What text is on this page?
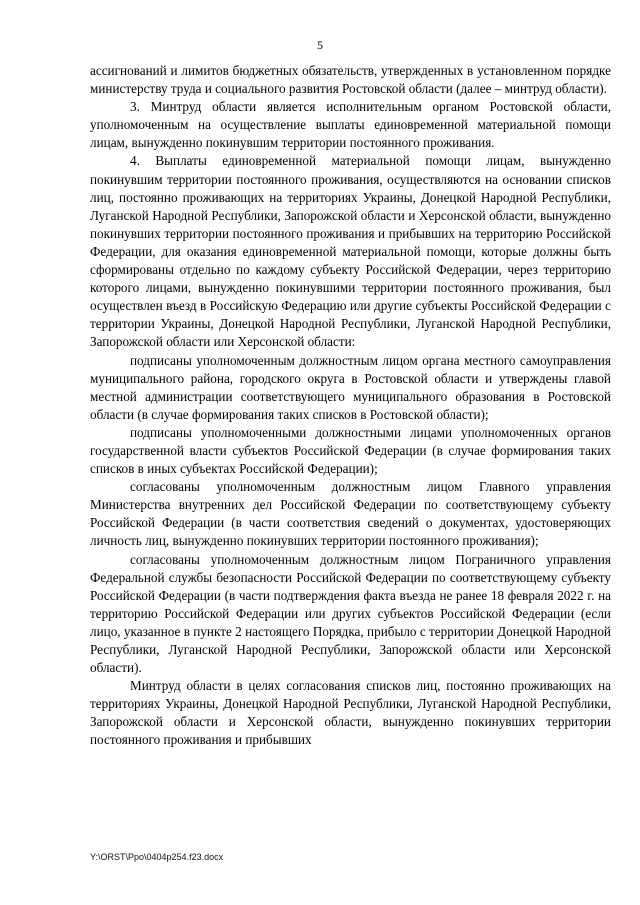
5

ассигнований и лимитов бюджетных обязательств, утвержденных в установленном порядке министерству труда и социального развития Ростовской области (далее – минтруд области).

3. Минтруд области является исполнительным органом Ростовской области, уполномоченным на осуществление выплаты единовременной материальной помощи лицам, вынужденно покинувшим территории постоянного проживания.

4. Выплаты единовременной материальной помощи лицам, вынужденно покинувшим территории постоянного проживания, осуществляются на основании списков лиц, постоянно проживающих на территориях Украины, Донецкой Народной Республики, Луганской Народной Республики, Запорожской области и Херсонской области, вынужденно покинувших территории постоянного проживания и прибывших на территорию Российской Федерации, для оказания единовременной материальной помощи, которые должны быть сформированы отдельно по каждому субъекту Российской Федерации, через территорию которого лицами, вынужденно покинувшими территории постоянного проживания, был осуществлен въезд в Российскую Федерацию или другие субъекты Российской Федерации с территории Украины, Донецкой Народной Республики, Луганской Народной Республики, Запорожской области или Херсонской области:

подписаны уполномоченным должностным лицом органа местного самоуправления муниципального района, городского округа в Ростовской области и утверждены главой местной администрации соответствующего муниципального образования в Ростовской области (в случае формирования таких списков в Ростовской области);

подписаны уполномоченными должностными лицами уполномоченных органов государственной власти субъектов Российской Федерации (в случае формирования таких списков в иных субъектах Российской Федерации);

согласованы уполномоченным должностным лицом Главного управления Министерства внутренних дел Российской Федерации по соответствующему субъекту Российской Федерации (в части соответствия сведений о документах, удостоверяющих личность лиц, вынужденно покинувших территории постоянного проживания);

согласованы уполномоченным должностным лицом Пограничного управления Федеральной службы безопасности Российской Федерации по соответствующему субъекту Российской Федерации (в части подтверждения факта въезда не ранее 18 февраля 2022 г. на территорию Российской Федерации или других субъектов Российской Федерации (если лицо, указанное в пункте 2 настоящего Порядка, прибыло с территории Донецкой Народной Республики, Луганской Народной Республики, Запорожской области или Херсонской области).

Минтруд области в целях согласования списков лиц, постоянно проживающих на территориях Украины, Донецкой Народной Республики, Луганской Народной Республики, Запорожской области и Херсонской области, вынужденно покинувших территории постоянного проживания и прибывших

Y:\ORST\Ppo\0404p254.f23.docx
